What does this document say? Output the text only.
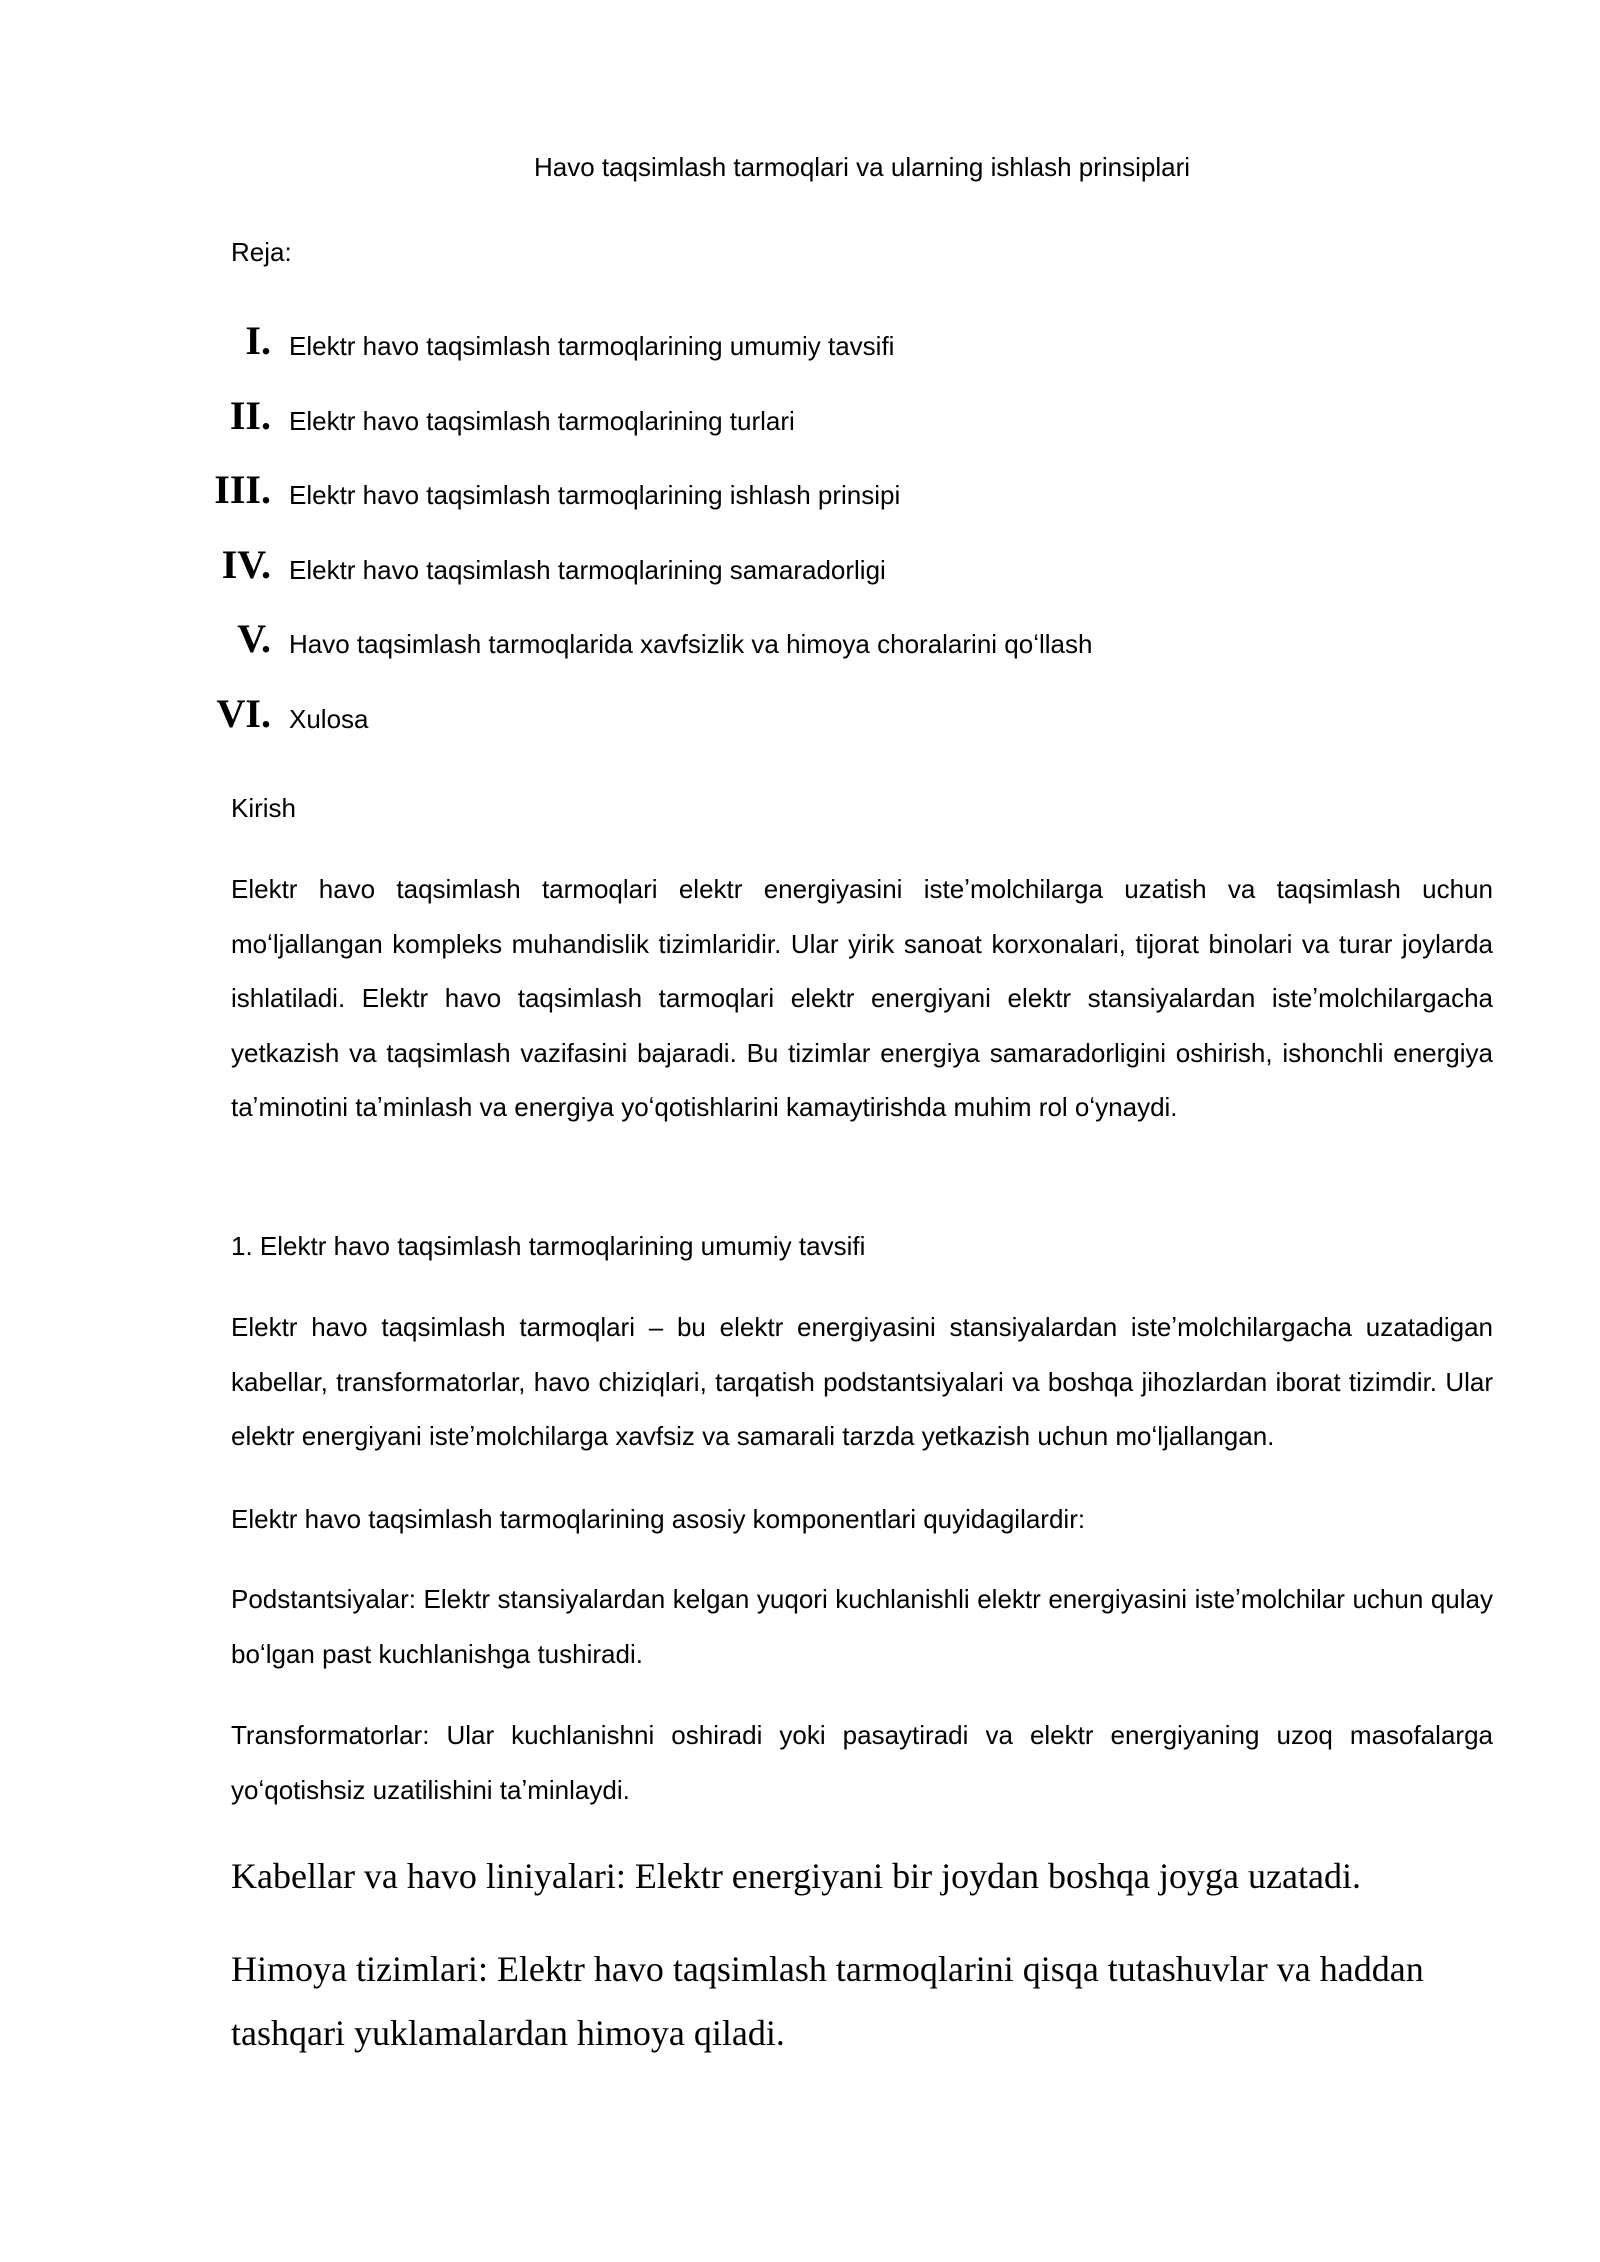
Havo taqsimlash tarmoqlari va ularning ishlash prinsiplari
Reja:
I. Elektr havo taqsimlash tarmoqlarining umumiy tavsifi
II. Elektr havo taqsimlash tarmoqlarining turlari
III. Elektr havo taqsimlash tarmoqlarining ishlash prinsipi
IV. Elektr havo taqsimlash tarmoqlarining samaradorligi
V. Havo taqsimlash tarmoqlarida xavfsizlik va himoya choralarini qoʻllash
VI. Xulosa
Kirish

Elektr havo taqsimlash tarmoqlari elektr energiyasini isteʼmolchilarga uzatish va taqsimlash uchun moʻljallangan kompleks muhandislik tizimlaridir. Ular yirik sanoat korxonalari, tijorat binolari va turar joylarda ishlatiladi. Elektr havo taqsimlash tarmoqlari elektr energiyani elektr stansiyalardan isteʼmolchilargacha yetkazish va taqsimlash vazifasini bajaradi. Bu tizimlar energiya samaradorligini oshirish, ishonchli energiya taʼminotini taʼminlash va energiya yoʻqotishlarini kamaytirishda muhim rol oʻynaydi.

1. Elektr havo taqsimlash tarmoqlarining umumiy tavsifi

Elektr havo taqsimlash tarmoqlari – bu elektr energiyasini stansiyalardan isteʼmolchilargacha uzatadigan kabellar, transformatorlar, havo chiziqlari, tarqatish podstantsiyalari va boshqa jihozlardan iborat tizimdir. Ular elektr energiyani isteʼmolchilarga xavfsiz va samarali tarzda yetkazish uchun moʻljallangan.

Elektr havo taqsimlash tarmoqlarining asosiy komponentlari quyidagilardir:

Podstantsiyalar: Elektr stansiyalardan kelgan yuqori kuchlanishli elektr energiyasini isteʼmolchilar uchun qulay boʻlgan past kuchlanishga tushiradi.

Transformatorlar: Ular kuchlanishni oshiradi yoki pasaytiradi va elektr energiyaning uzoq masofalarga yoʻqotishsiz uzatilishini taʼminlaydi.

Kabellar va havo liniyalari: Elektr energiyani bir joydan boshqa joyga uzatadi.

Himoya tizimlari: Elektr havo taqsimlash tarmoqlarini qisqa tutashuvlar va haddan tashqari yuklamalardan himoya qiladi.
